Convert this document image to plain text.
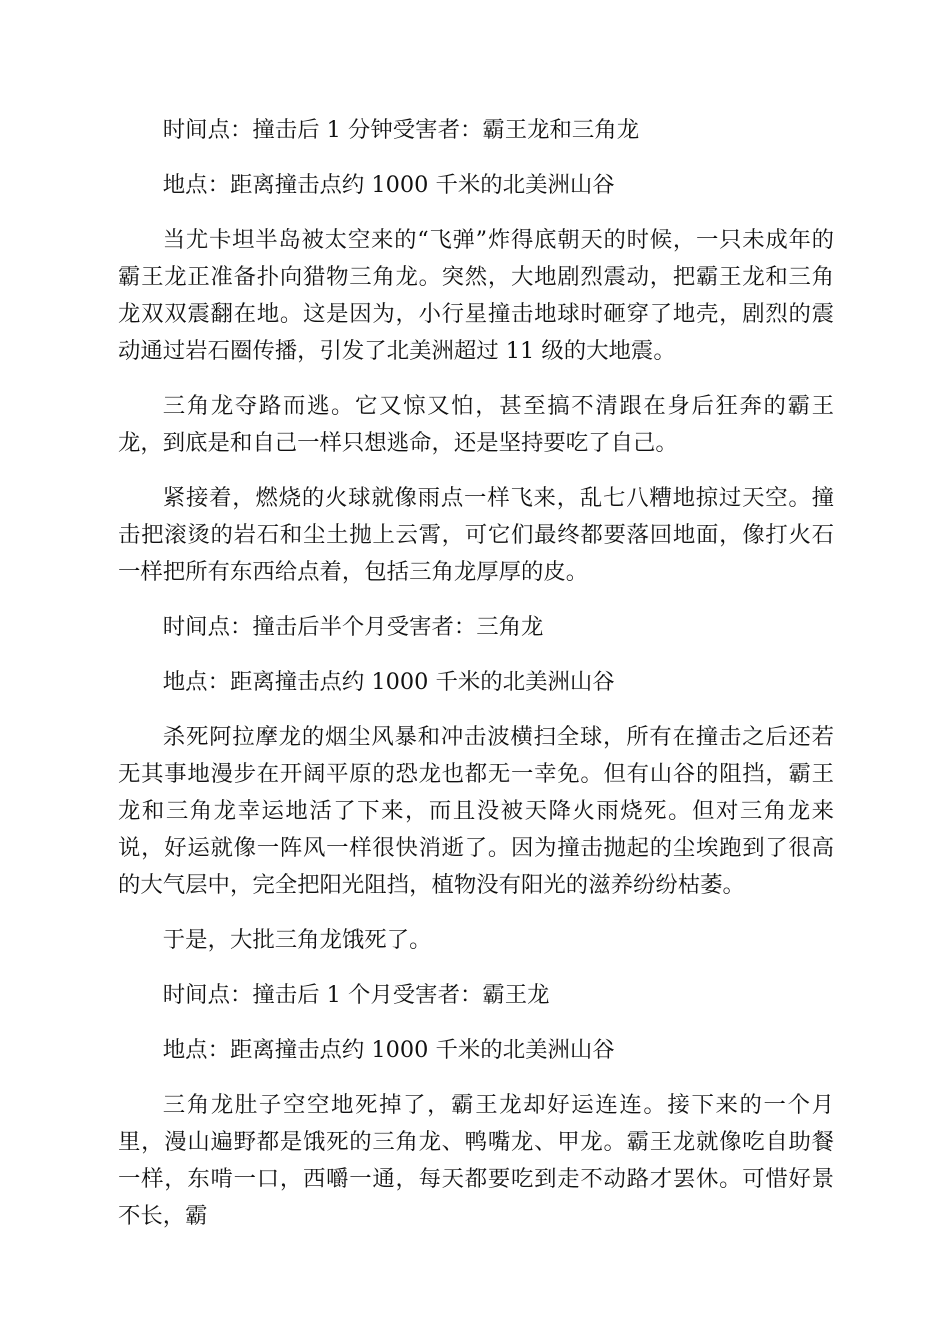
时间点：撞击后 1 分钟受害者：霸王龙和三角龙

地点：距离撞击点约 1000 千米的北美洲山谷

当尤卡坦半岛被太空来的“飞弹”炸得底朝天的时候，一只未成年的霸王龙正准备扑向猎物三角龙。突然，大地剧烈震动，把霸王龙和三角龙双双震翻在地。这是因为，小行星撞击地球时砸穿了地壳，剧烈的震动通过岩石圈传播，引发了北美洲超过 11 级的大地震。

三角龙夺路而逃。它又惊又怕，甚至搞不清跟在身后狂奔的霸王龙，到底是和自己一样只想逃命，还是坚持要吃了自己。

紧接着，燃烧的火球就像雨点一样飞来，乱七八糟地掠过天空。撞击把滚烫的岩石和尘土抛上云霄，可它们最终都要落回地面，像打火石一样把所有东西给点着，包括三角龙厚厚的皮。

时间点：撞击后半个月受害者：三角龙

地点：距离撞击点约 1000 千米的北美洲山谷

杀死阿拉摩龙的烟尘风暴和冲击波横扫全球，所有在撞击之后还若无其事地漫步在开阔平原的恐龙也都无一幸免。但有山谷的阻挡，霸王龙和三角龙幸运地活了下来，而且没被天降火雨烧死。但对三角龙来说，好运就像一阵风一样很快消逝了。因为撞击抛起的尘埃跑到了很高的大气层中，完全把阳光阻挡，植物没有阳光的滋养纷纷枯萎。

于是，大批三角龙饿死了。

时间点：撞击后 1 个月受害者：霸王龙

地点：距离撞击点约 1000 千米的北美洲山谷

三角龙肚子空空地死掉了，霸王龙却好运连连。接下来的一个月里，漫山遍野都是饿死的三角龙、鸭嘴龙、甲龙。霸王龙就像吃自助餐一样，东啃一口，西嚼一通，每天都要吃到走不动路才罢休。可惜好景不长，霸
